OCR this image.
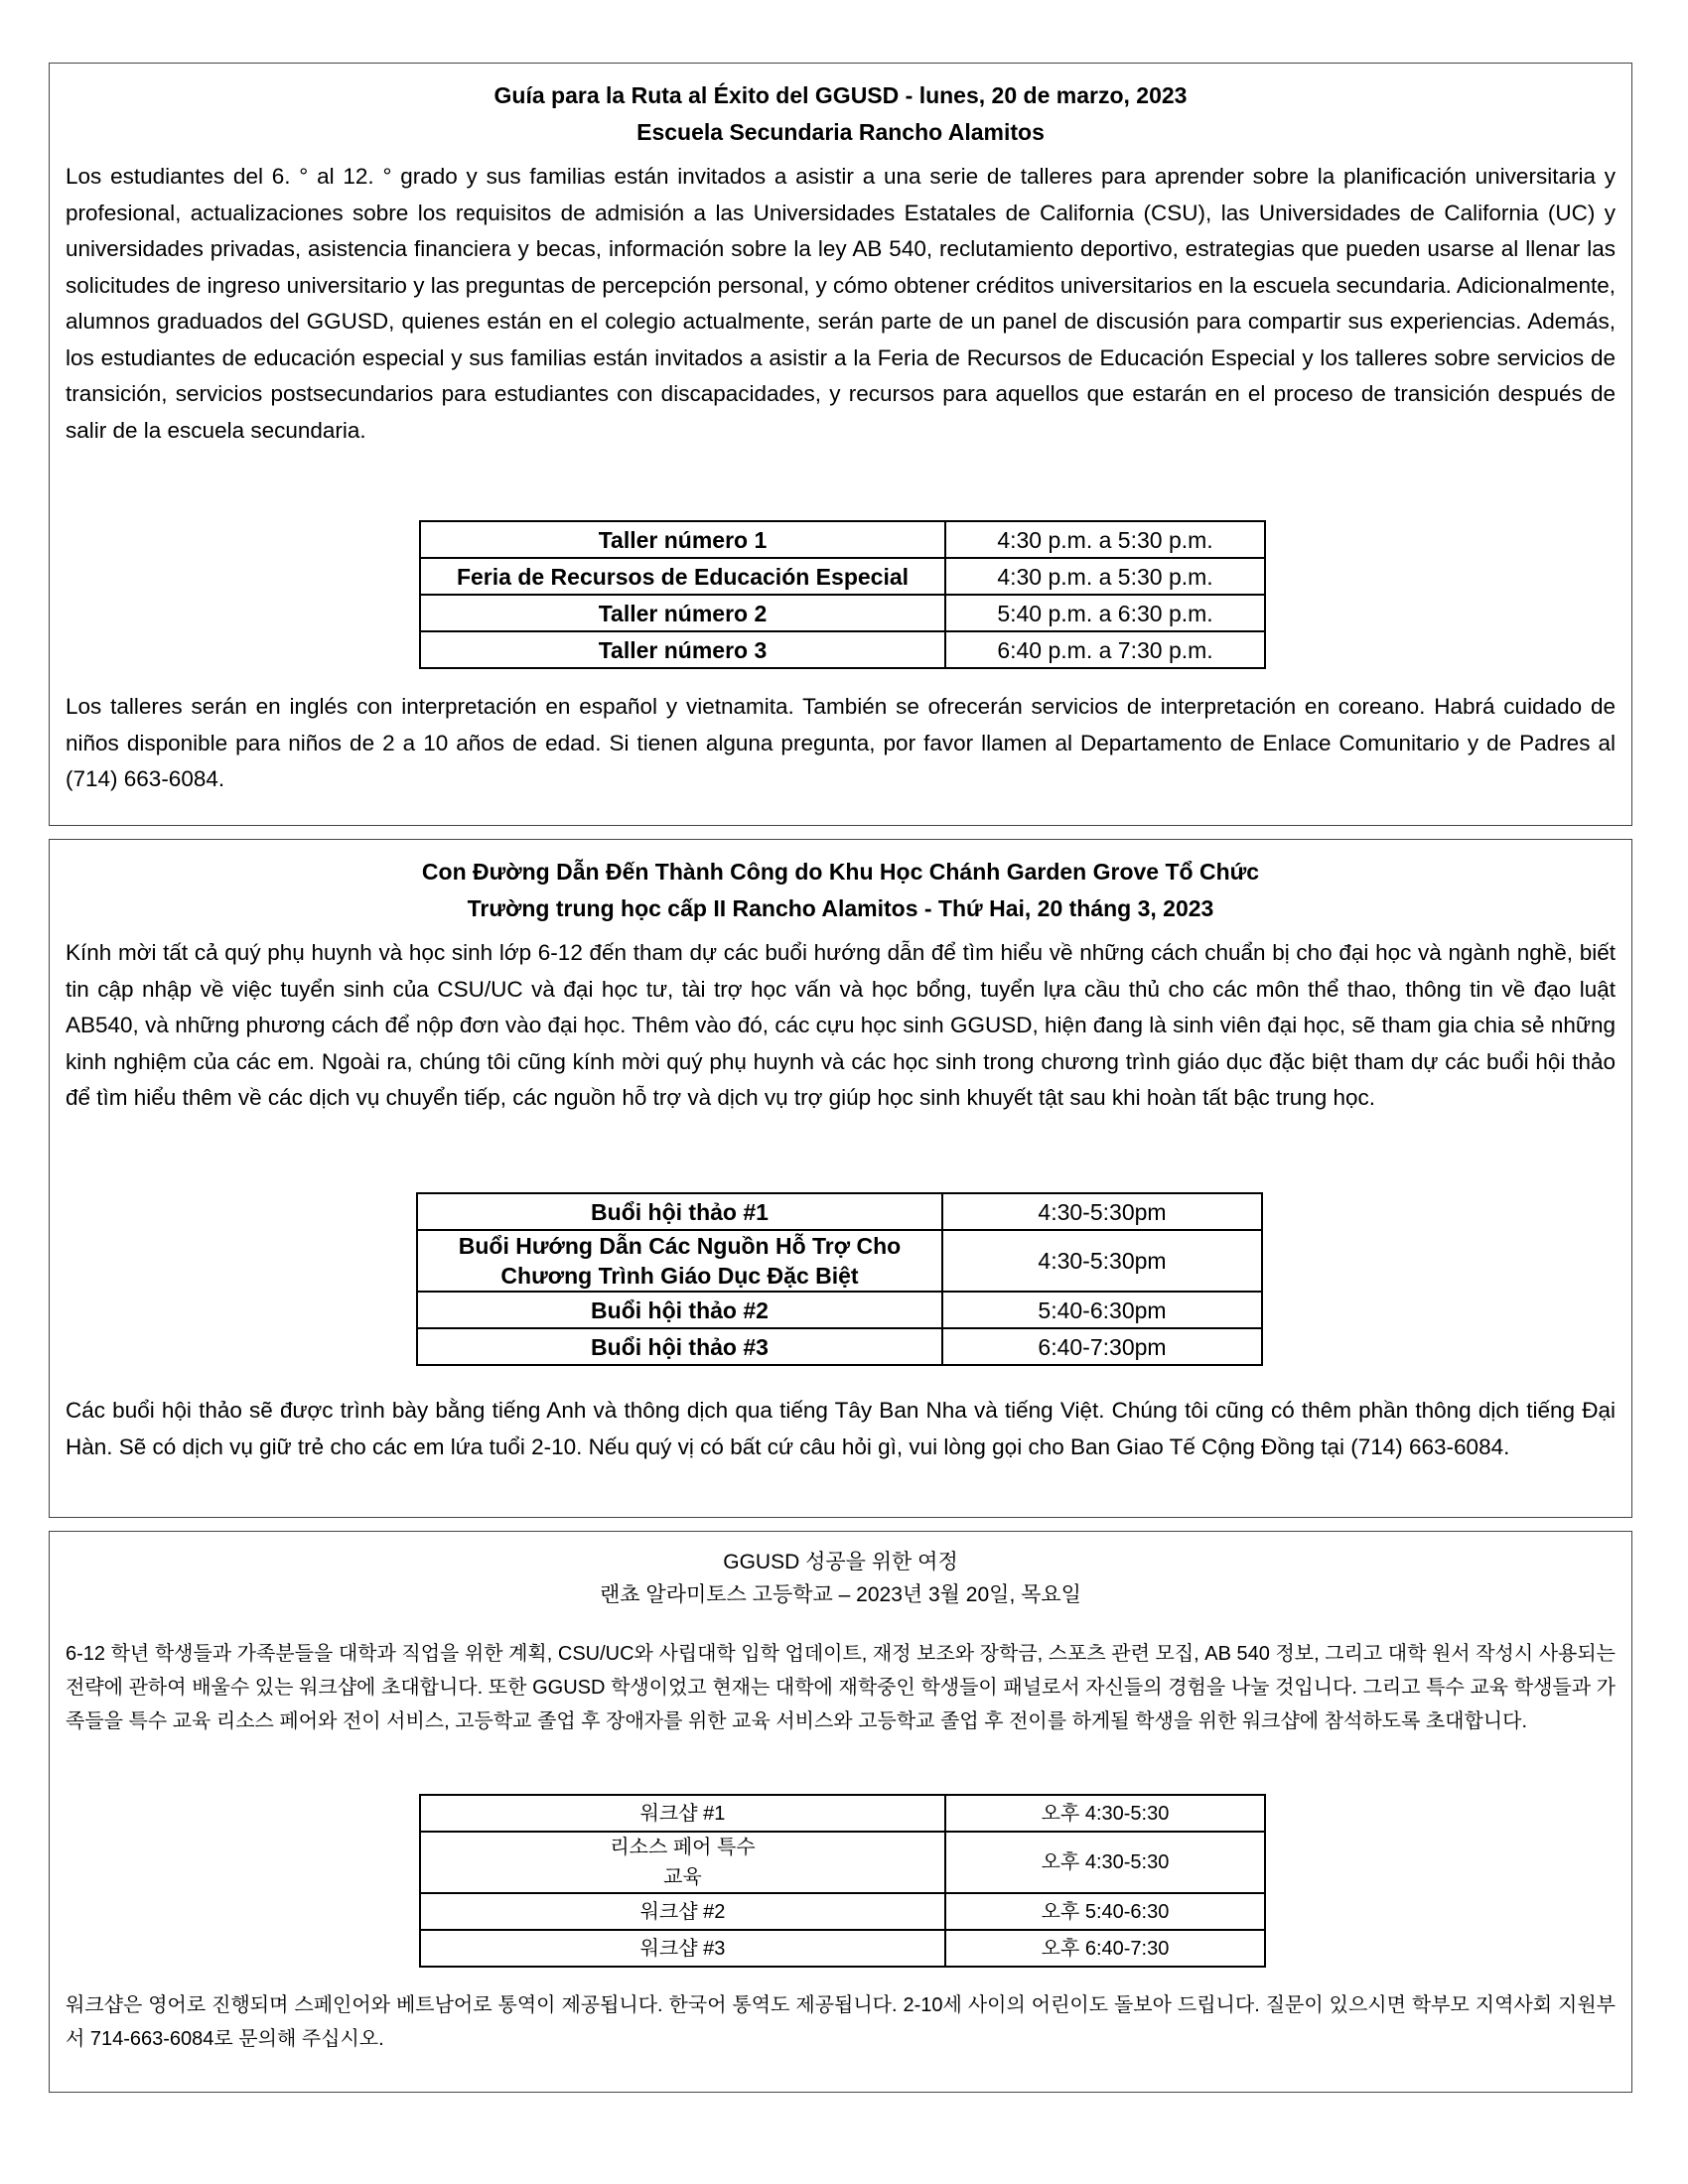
Guía para la Ruta al Éxito del GGUSD - lunes, 20 de marzo, 2023
Escuela Secundaria Rancho Alamitos

Los estudiantes del 6. ° al 12. ° grado y sus familias están invitados a asistir a una serie de talleres para aprender sobre la planificación universitaria y profesional, actualizaciones sobre los requisitos de admisión a las Universidades Estatales de California (CSU), las Universidades de California (UC) y universidades privadas, asistencia financiera y becas, información sobre la ley AB 540, reclutamiento deportivo, estrategias que pueden usarse al llenar las solicitudes de ingreso universitario y las preguntas de percepción personal, y cómo obtener créditos universitarios en la escuela secundaria. Adicionalmente, alumnos graduados del GGUSD, quienes están en el colegio actualmente, serán parte de un panel de discusión para compartir sus experiencias. Además, los estudiantes de educación especial y sus familias están invitados a asistir a la Feria de Recursos de Educación Especial y los talleres sobre servicios de transición, servicios postsecundarios para estudiantes con discapacidades, y recursos para aquellos que estarán en el proceso de transición después de salir de la escuela secundaria.

Taller número 1	4:30 p.m. a 5:30 p.m.
Feria de Recursos de Educación Especial	4:30 p.m. a 5:30 p.m.
Taller número 2	5:40 p.m. a 6:30 p.m.
Taller número 3	6:40 p.m. a 7:30 p.m.

Los talleres serán en inglés con interpretación en español y vietnamita. También se ofrecerán servicios de interpretación en coreano. Habrá cuidado de niños disponible para niños de 2 a 10 años de edad. Si tienen alguna pregunta, por favor llamen al Departamento de Enlace Comunitario y de Padres al (714) 663-6084.

Con Đường Dẫn Đến Thành Công do Khu Học Chánh Garden Grove Tổ Chức
Trường trung học cấp II Rancho Alamitos - Thứ Hai, 20 tháng 3, 2023

Kính mời tất cả quý phụ huynh và học sinh lớp 6-12 đến tham dự các buổi hướng dẫn để tìm hiểu về những cách chuẩn bị cho đại học và ngành nghề, biết tin cập nhập về việc tuyển sinh của CSU/UC và đại học tư, tài trợ học vấn và học bổng, tuyển lựa cầu thủ cho các môn thể thao, thông tin về đạo luật AB540, và những phương cách để nộp đơn vào đại học. Thêm vào đó, các cựu học sinh GGUSD, hiện đang là sinh viên đại học, sẽ tham gia chia sẻ những kinh nghiệm của các em. Ngoài ra, chúng tôi cũng kính mời quý phụ huynh và các học sinh trong chương trình giáo dục đặc biệt tham dự các buổi hội thảo để tìm hiểu thêm về các dịch vụ chuyển tiếp, các nguồn hỗ trợ và dịch vụ trợ giúp học sinh khuyết tật sau khi hoàn tất bậc trung học.

Buổi hội thảo #1	4:30-5:30pm
Buổi Hướng Dẫn Các Nguồn Hỗ Trợ Cho Chương Trình Giáo Dục Đặc Biệt	4:30-5:30pm
Buổi hội thảo #2	5:40-6:30pm
Buổi hội thảo #3	6:40-7:30pm

Các buổi hội thảo sẽ được trình bày bằng tiếng Anh và thông dịch qua tiếng Tây Ban Nha và tiếng Việt. Chúng tôi cũng có thêm phần thông dịch tiếng Đại Hàn. Sẽ có dịch vụ giữ trẻ cho các em lứa tuổi 2-10. Nếu quý vị có bất cứ câu hỏi gì, vui lòng gọi cho Ban Giao Tế Cộng Đồng tại (714) 663-6084.

GGUSD 성공을 위한 여정
랜쵸 알라미토스 고등학교 – 2023년 3월 20일, 목요일

6-12 학년 학생들과 가족분들을 대학과 직업을 위한 계획, CSU/UC와 사립대학 입학 업데이트, 재정 보조와 장학금, 스포츠 관련 모집, AB 540 정보, 그리고 대학 원서 작성시 사용되는 전략에 관하여 배울수 있는 워크샵에 초대합니다. 또한 GGUSD 학생이었고 현재는 대학에 재학중인 학생들이 패널로서 자신들의 경험을 나눌 것입니다. 그리고 특수 교육 학생들과 가족들을 특수 교육 리소스 페어와 전이 서비스, 고등학교 졸업 후 장애자를 위한 교육 서비스와 고등학교 졸업 후 전이를 하게될 학생을 위한 워크샵에 참석하도록 초대합니다.

워크샵 #1	오후 4:30-5:30
리소스 페어 특수 교육	오후 4:30-5:30
워크샵 #2	오후 5:40-6:30
워크샵 #3	오후 6:40-7:30

워크샵은 영어로 진행되며 스페인어와 베트남어로 통역이 제공됩니다. 한국어 통역도 제공됩니다. 2-10세 사이의 어린이도 돌보아 드립니다. 질문이 있으시면 학부모 지역사회 지원부서 714-663-6084로 문의해 주십시오.
